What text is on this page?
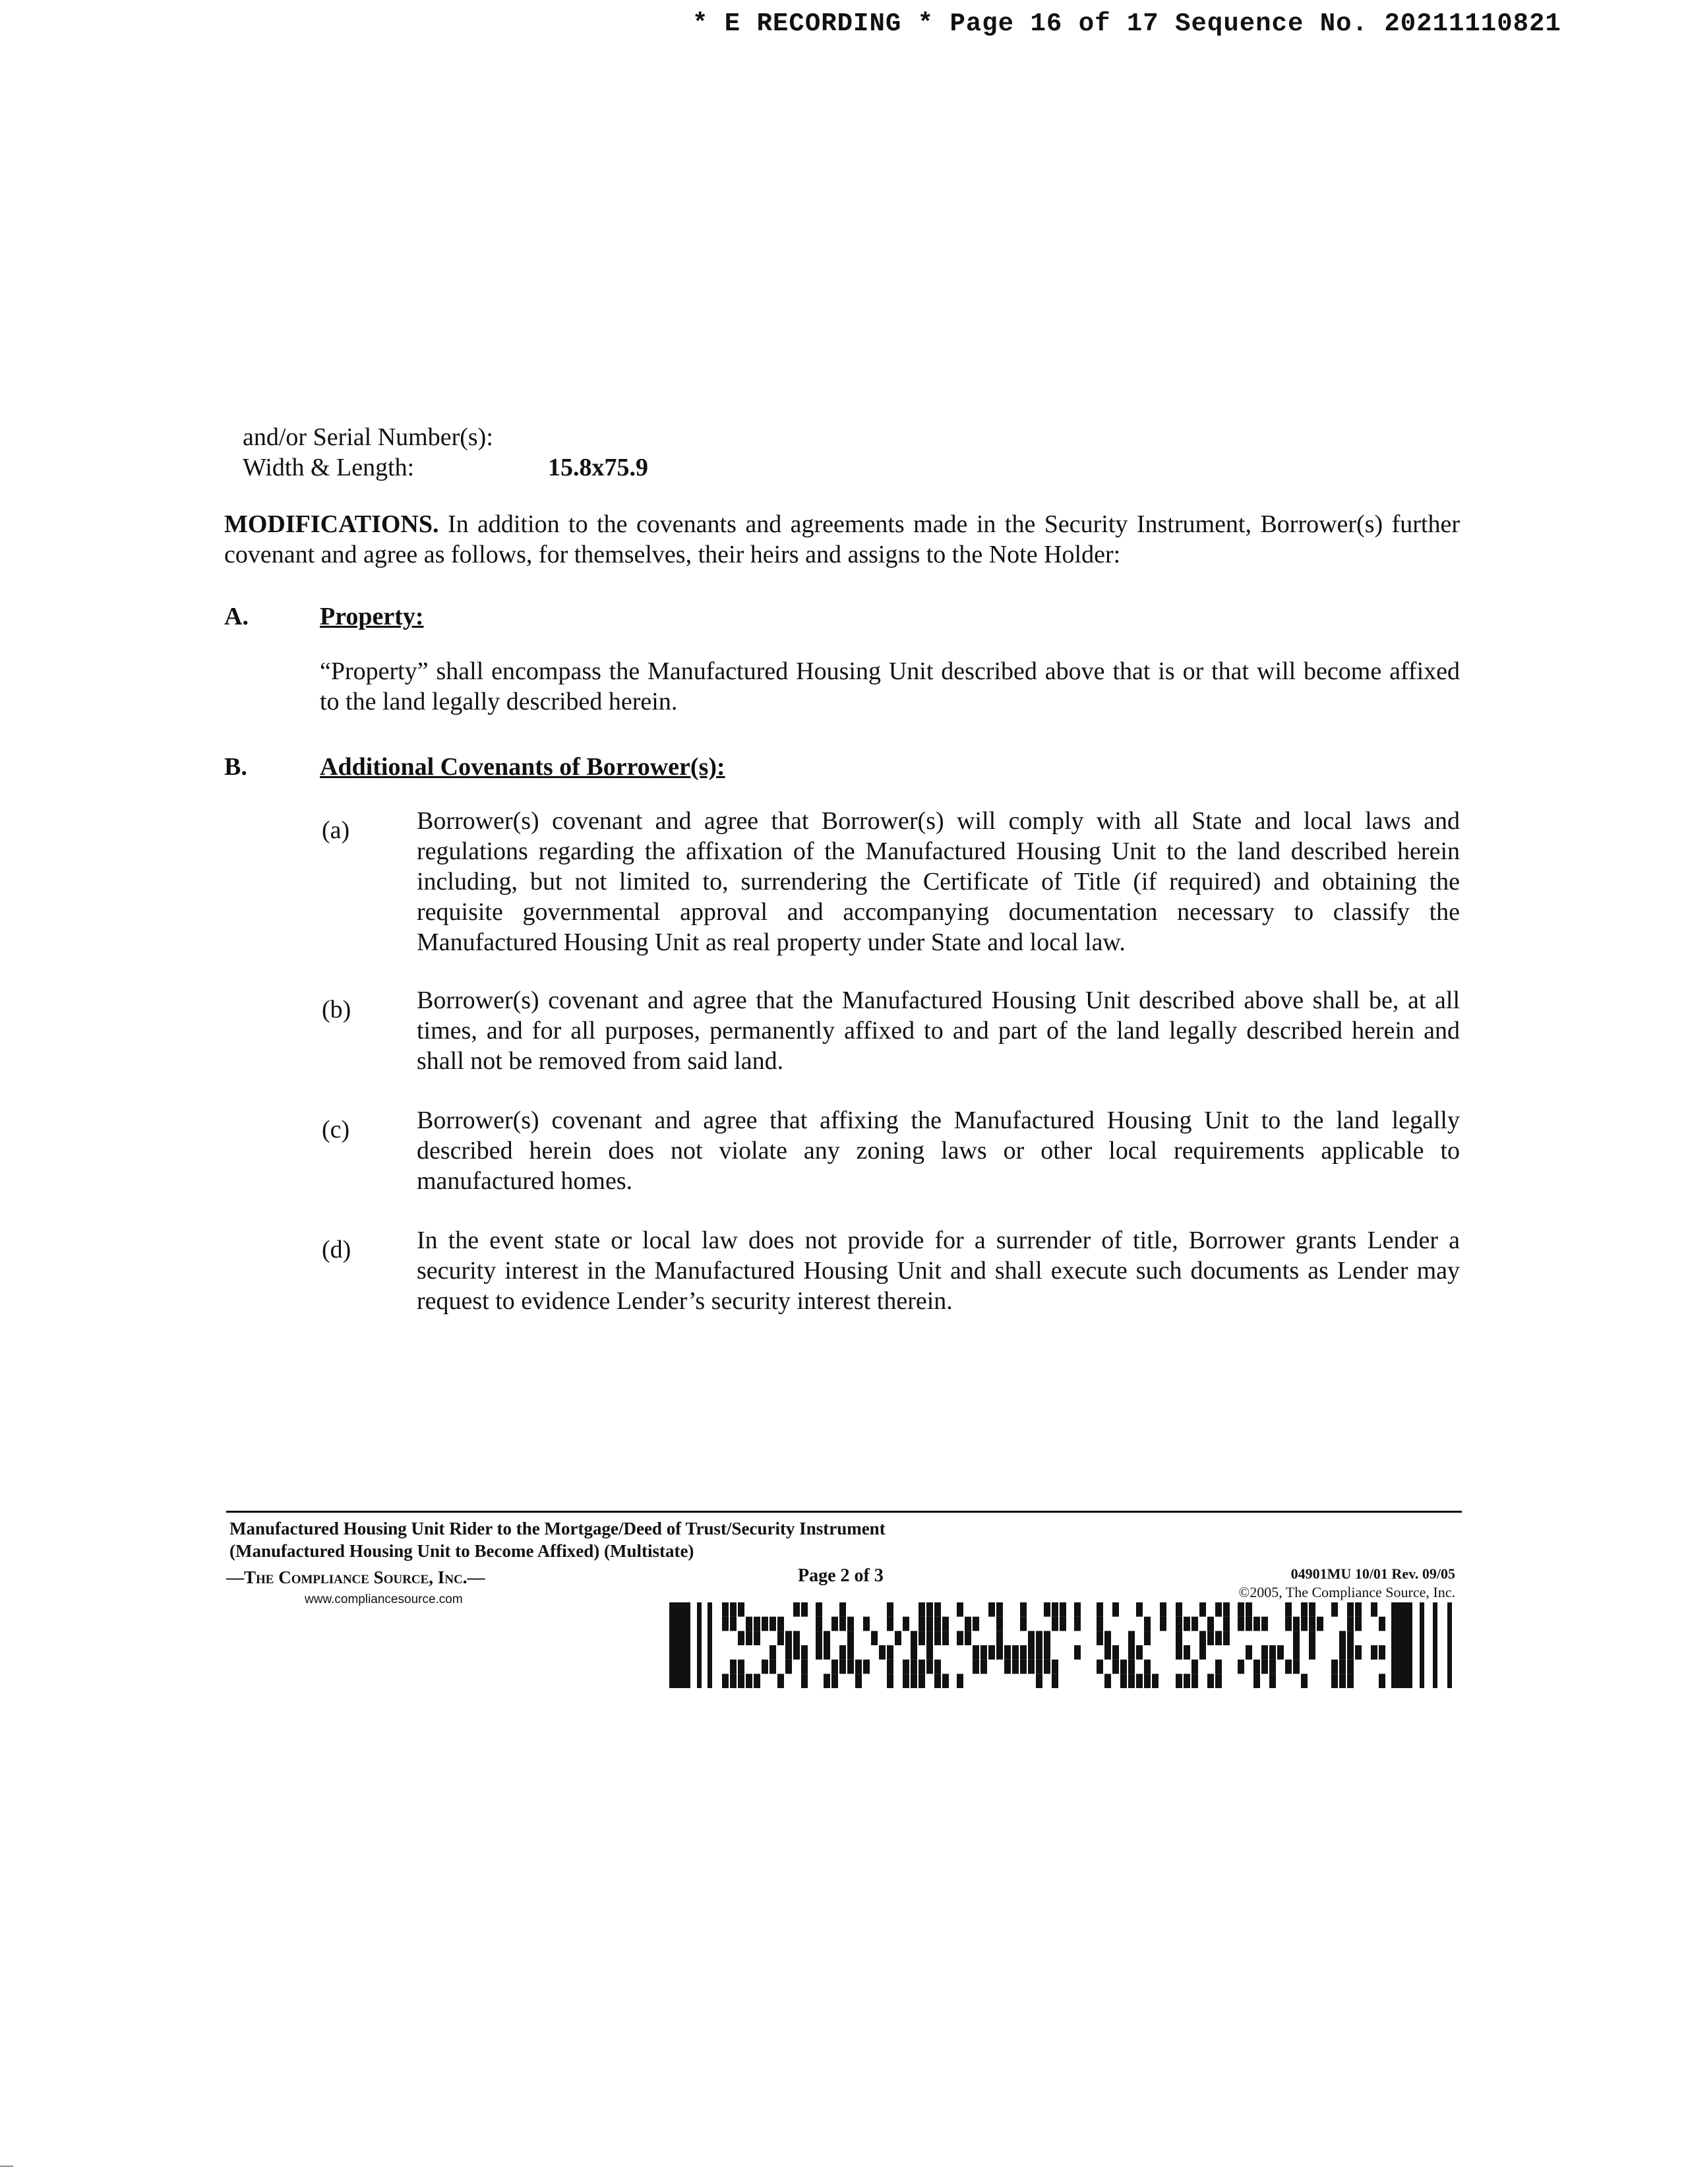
* E RECORDING * Page 16 of 17 Sequence No. 20211110821
and/or Serial Number(s):
Width & Length:	15.8x75.9
MODIFICATIONS. In addition to the covenants and agreements made in the Security Instrument, Borrower(s) further covenant and agree as follows, for themselves, their heirs and assigns to the Note Holder:
A.	Property:
“Property” shall encompass the Manufactured Housing Unit described above that is or that will become affixed to the land legally described herein.
B.	Additional Covenants of Borrower(s):
(a)	Borrower(s) covenant and agree that Borrower(s) will comply with all State and local laws and regulations regarding the affixation of the Manufactured Housing Unit to the land described herein including, but not limited to, surrendering the Certificate of Title (if required) and obtaining the requisite governmental approval and accompanying documentation necessary to classify the Manufactured Housing Unit as real property under State and local law.
(b)	Borrower(s) covenant and agree that the Manufactured Housing Unit described above shall be, at all times, and for all purposes, permanently affixed to and part of the land legally described herein and shall not be removed from said land.
(c)	Borrower(s) covenant and agree that affixing the Manufactured Housing Unit to the land legally described herein does not violate any zoning laws or other local requirements applicable to manufactured homes.
(d)	In the event state or local law does not provide for a surrender of title, Borrower grants Lender a security interest in the Manufactured Housing Unit and shall execute such documents as Lender may request to evidence Lender’s security interest therein.
Manufactured Housing Unit Rider to the Mortgage/Deed of Trust/Security Instrument
(Manufactured Housing Unit to Become Affixed) (Multistate)
—The Compliance Source, Inc.—
www.compliancesource.com
Page 2 of 3	04901MU 10/01 Rev. 09/05
©2005, The Compliance Source, Inc.
